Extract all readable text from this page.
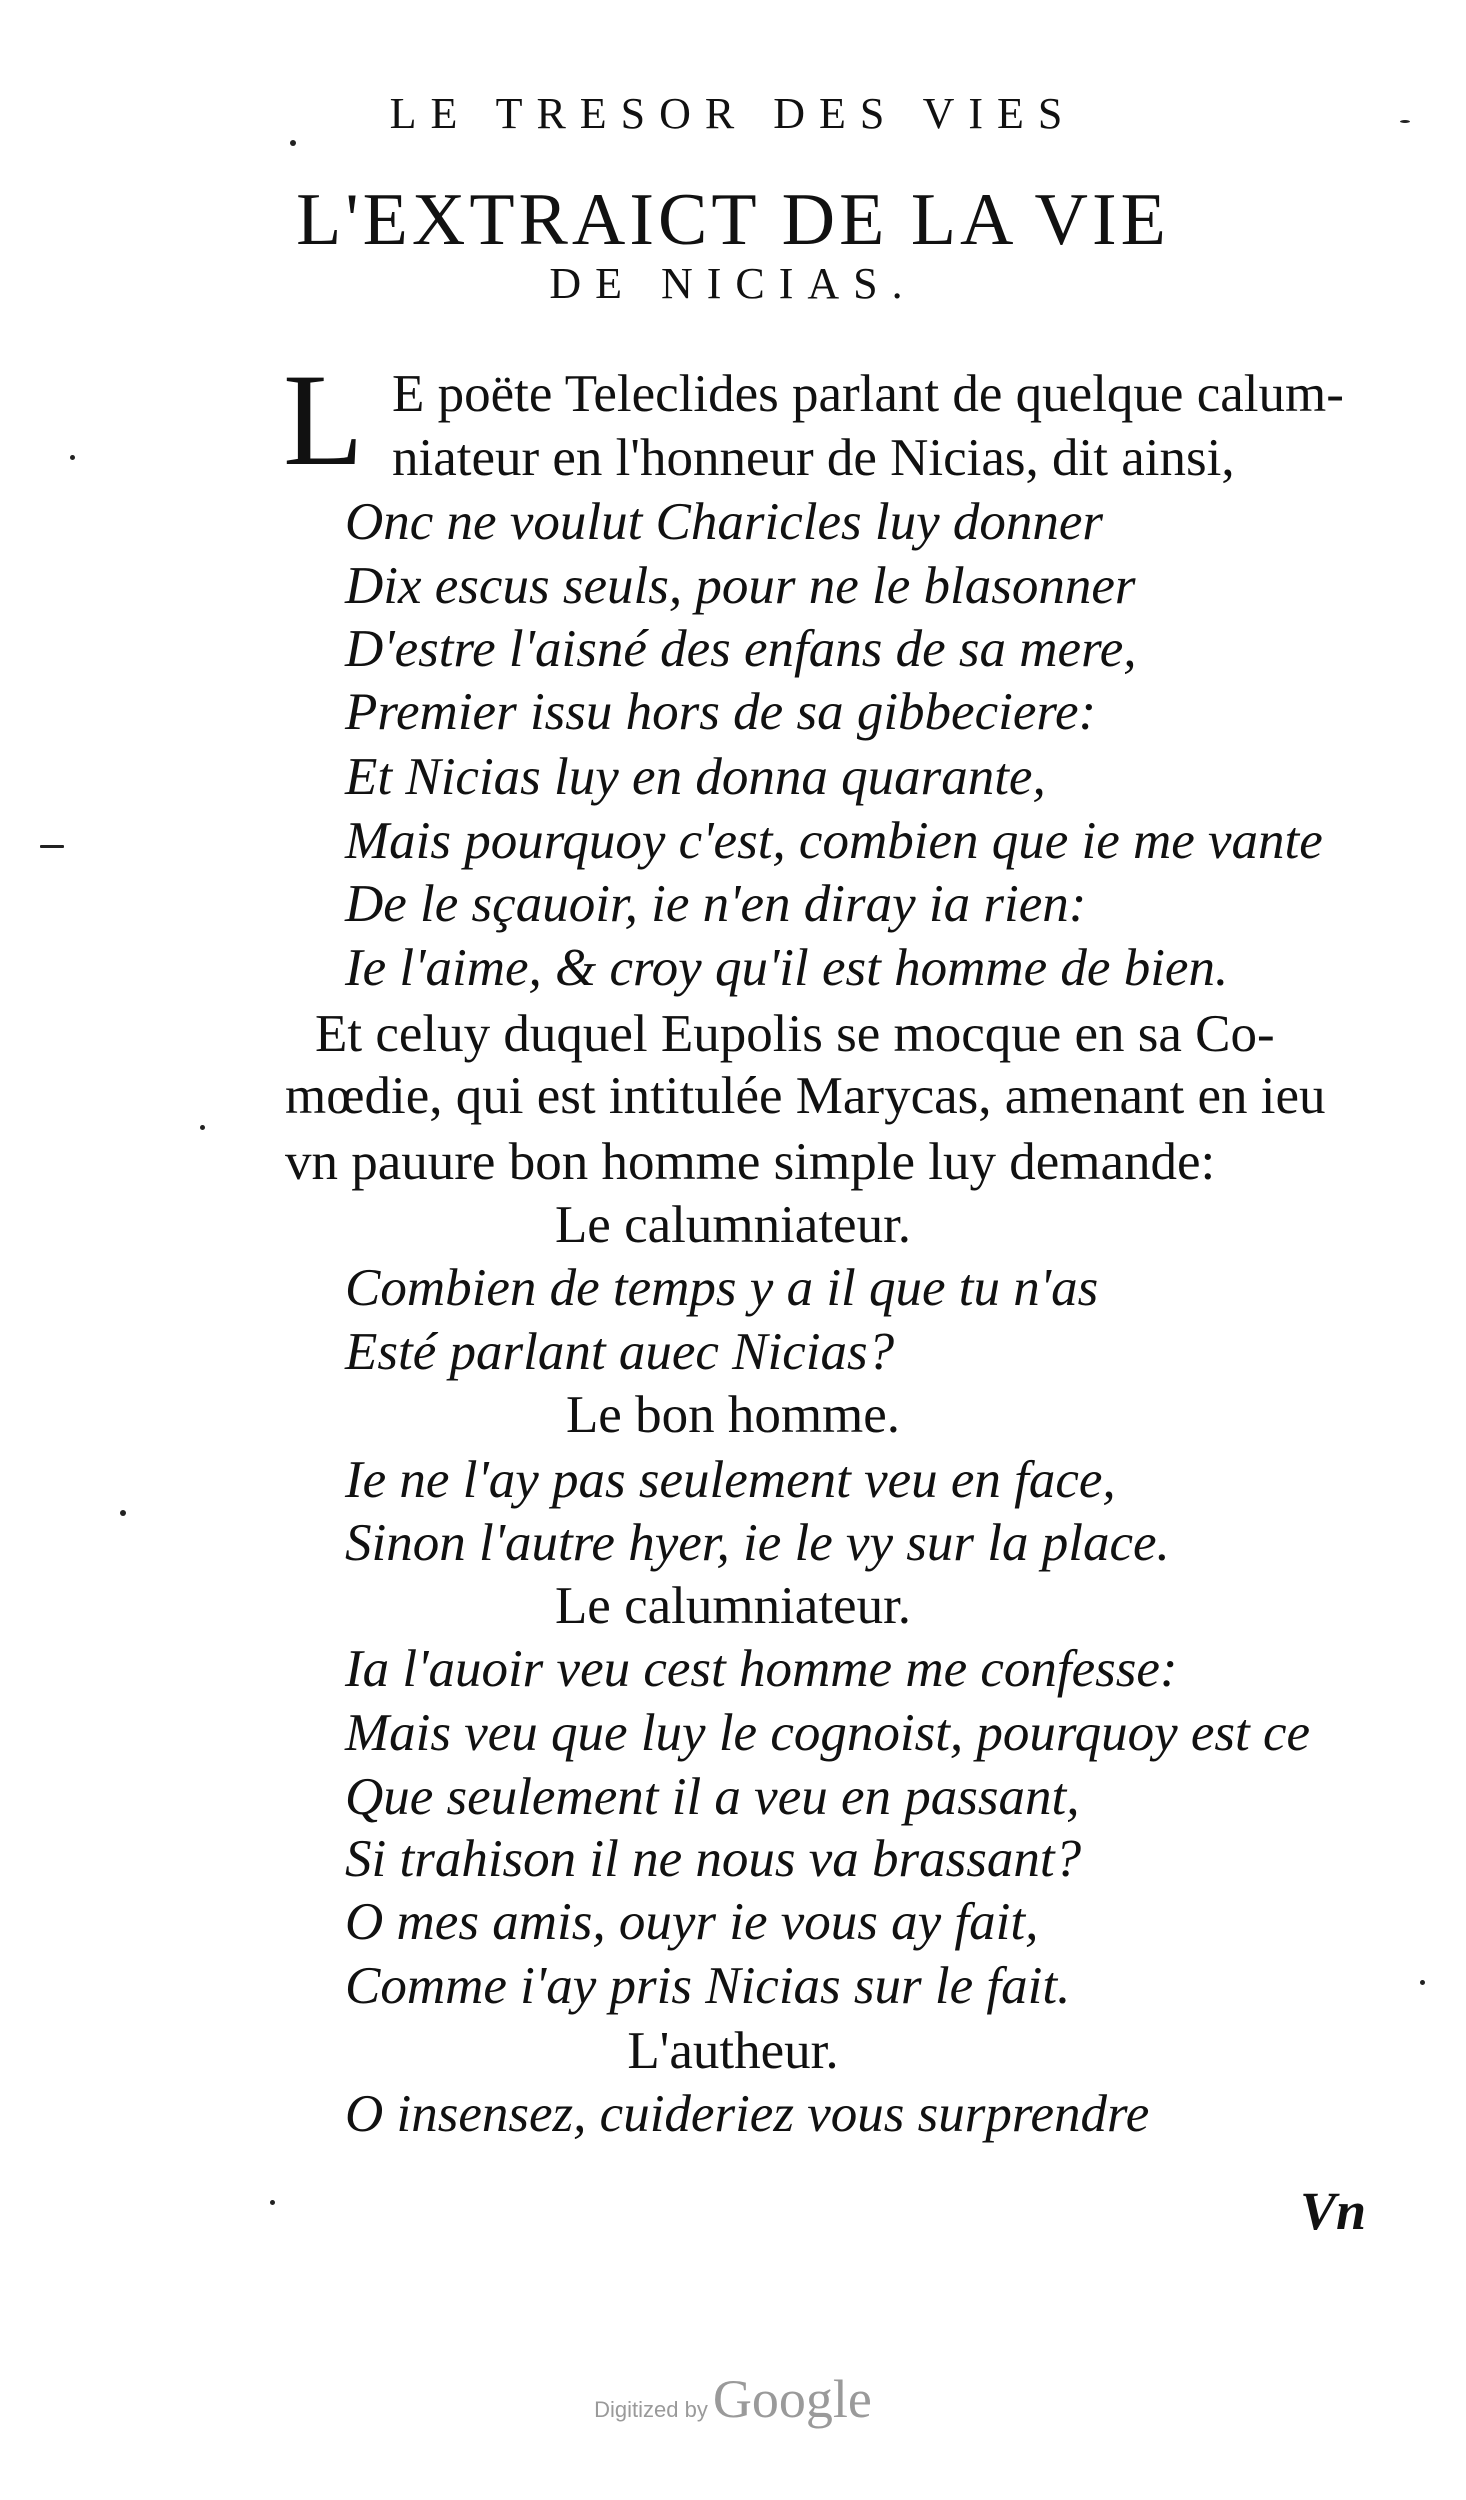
LE TRESOR DES VIES
L'EXTRAICT DE LA VIE
DE NICIAS.
L E poëte Teleclides parlant de quelque calum-
niateur en l'honneur de Nicias, dit ainsi,
Onc ne voulut Charicles luy donner
Dix escus seuls, pour ne le blasonner
D'estre l'aisné des enfans de sa mere,
Premier issu hors de sa gibbeciere:
Et Nicias luy en donna quarante,
Mais pourquoy c'est, combien que ie me vante
De le sçauoir, ie n'en diray ia rien:
Ie l'aime, & croy qu'il est homme de bien.
Et celuy duquel Eupolis se mocque en sa Co-
mœdie, qui est intitulée Marycas, amenant en ieu
vn pauure bon homme simple luy demande:
Le calumniateur.
Combien de temps y a il que tu n'as
Esté parlant auec Nicias?
Le bon homme.
Ie ne l'ay pas seulement veu en face,
Sinon l'autre hyer, ie le vy sur la place.
Le calumniateur.
Ia l'auoir veu cest homme me confesse:
Mais veu que luy le cognoist, pourquoy est ce
Que seulement il a veu en passant,
Si trahison il ne nous va brassant?
O mes amis, ouyr ie vous ay fait,
Comme i'ay pris Nicias sur le fait.
L'autheur.
O insensez, cuideriez vous surprendre
Vn
Digitized by Google
